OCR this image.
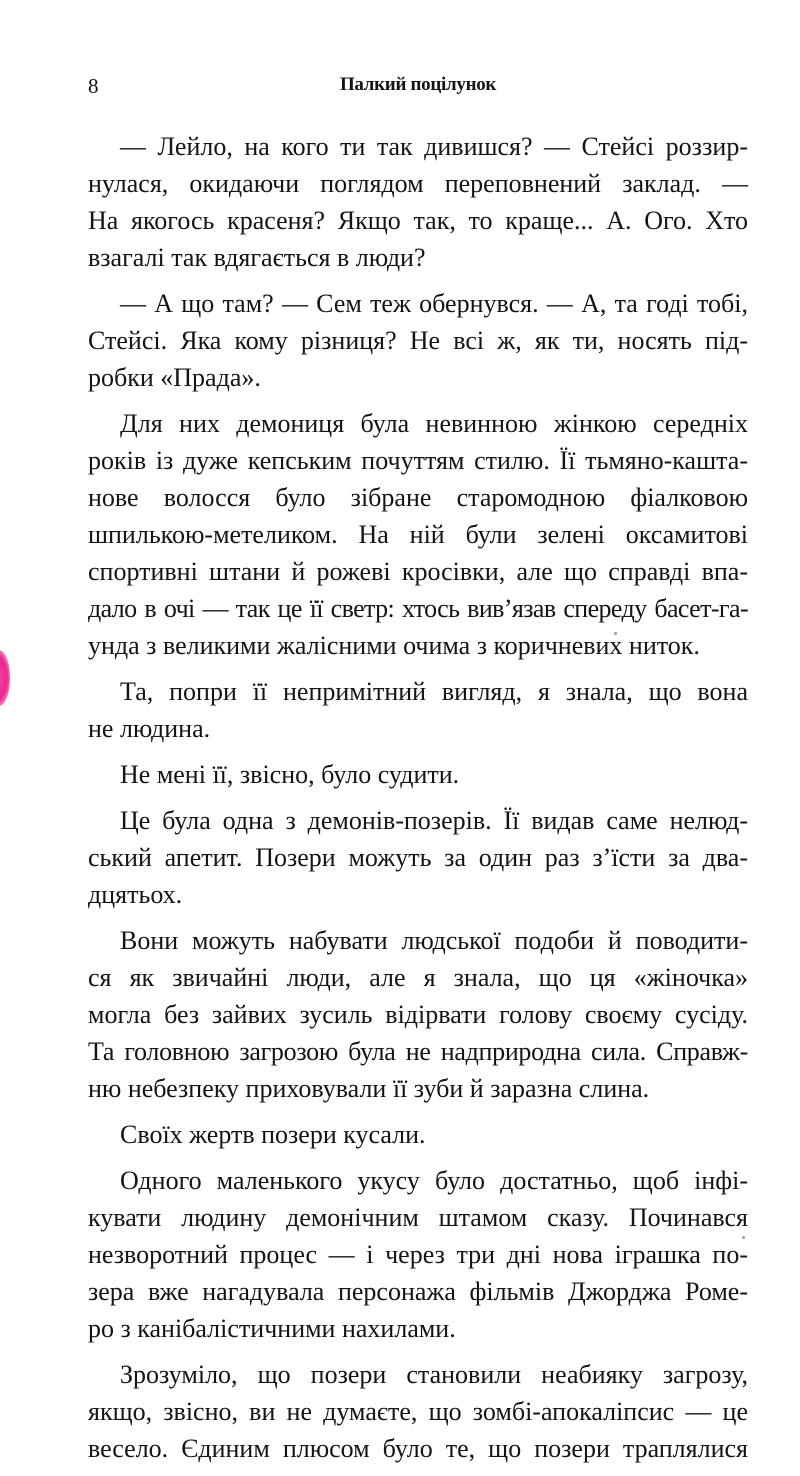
8	Палкий поцілунок

— Лейло, на кого ти так дивишся? — Стейсі роззир-
нулася, окидаючи поглядом переповнений заклад. —
На якогось красеня? Якщо так, то краще... А. Ого. Хто
взагалі так вдягається в люди?

— А що там? — Сем теж обернувся. — А, та годі тобі,
Стейсі. Яка кому різниця? Не всі ж, як ти, носять під-
робки «Прада».

Для них демониця була невинною жінкою середніх
років із дуже кепським почуттям стилю. Її тьмяно-кашта-
нове волосся було зібране старомодною фіалковою
шпилькою-метеликом. На ній були зелені оксамитові
спортивні штани й рожеві кросівки, але що справді впа-
дало в очі — так це її светр: хтось вив’язав спереду басет-га-
унда з великими жалісними очима з коричневих ниток.

Та, попри її непримітний вигляд, я знала, що вона
не людина.

Не мені її, звісно, було судити.

Це була одна з демонів-позерів. Її видав саме нелюд-
ський апетит. Позери можуть за один раз з’їсти за два-
дцятьох.

Вони можуть набувати людської подоби й поводити-
ся як звичайні люди, але я знала, що ця «жіночка»
могла без зайвих зусиль відірвати голову своєму сусіду.
Та головною загрозою була не надприродна сила. Справж-
ню небезпеку приховували її зуби й заразна слина.

Своїх жертв позери кусали.

Одного маленького укусу було достатньо, щоб інфі-
кувати людину демонічним штамом сказу. Починався
незворотний процес — і через три дні нова іграшка по-
зера вже нагадувала персонажа фільмів Джорджа Роме-
ро з канібалістичними нахилами.

Зрозуміло, що позери становили неабияку загрозу,
якщо, звісно, ви не думаєте, що зомбі-апокаліпсис — це
весело. Єдиним плюсом було те, що позери траплялися
